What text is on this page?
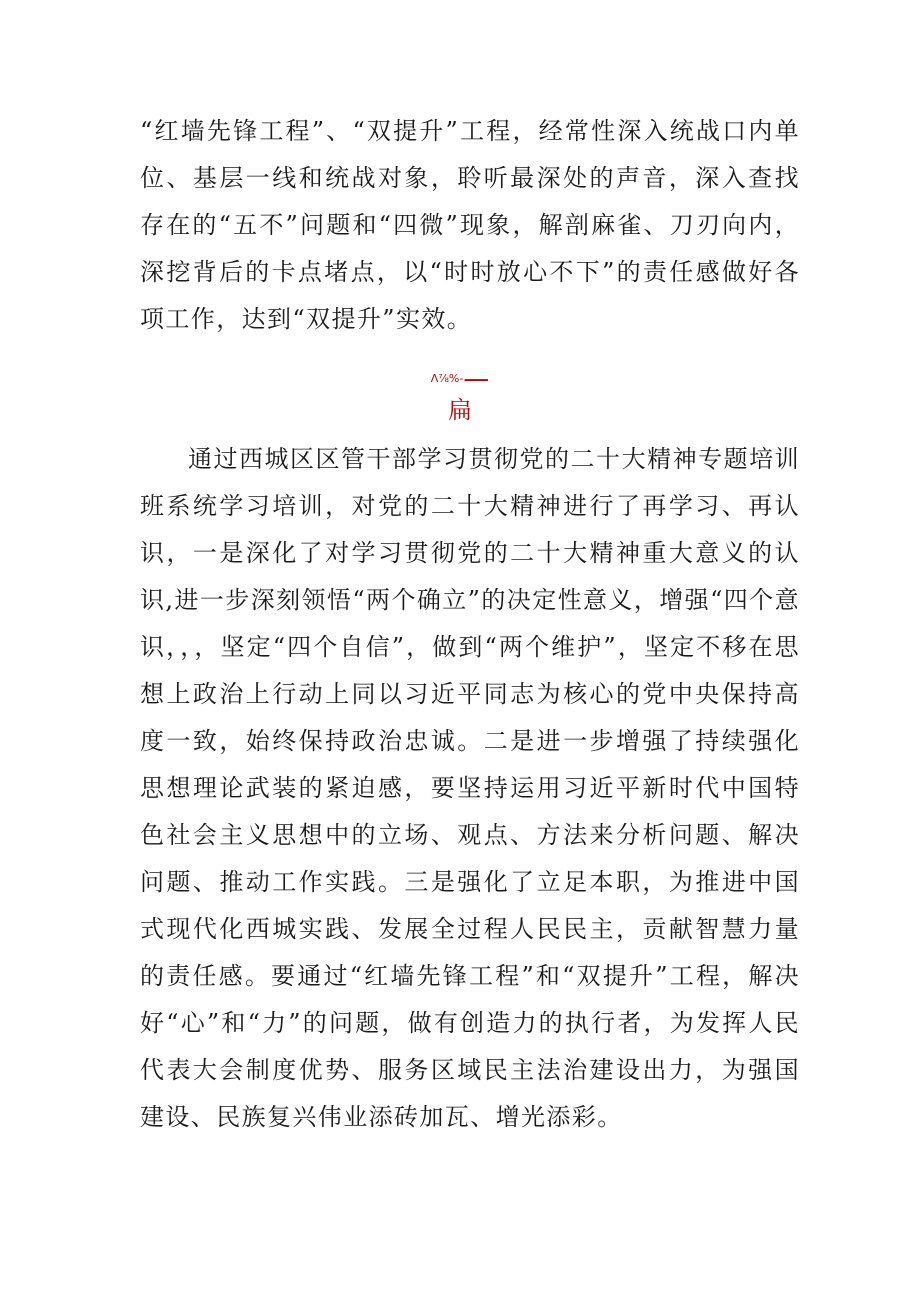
“红墙先锋工程”、“双提升”工程，经常性深入统战口内单位、基层一线和统战对象，聆听最深处的声音，深入查找存在的“五不”问题和“四微”现象，解剖麻雀、刀刃向内，深挖背后的卡点堵点，以“时时放心不下”的责任感做好各项工作，达到“双提升”实效。

Λ⅞%-—
扁

通过西城区区管干部学习贯彻党的二十大精神专题培训班系统学习培训，对党的二十大精神进行了再学习、再认识，一是深化了对学习贯彻党的二十大精神重大意义的认识,进一步深刻领悟“两个确立”的决定性意义，增强“四个意识，，，坚定“四个自信”，做到“两个维护”，坚定不移在思想上政治上行动上同以习近平同志为核心的党中央保持高度一致，始终保持政治忠诚。二是进一步增强了持续强化思想理论武装的紧迫感，要坚持运用习近平新时代中国特色社会主义思想中的立场、观点、方法来分析问题、解决问题、推动工作实践。三是强化了立足本职，为推进中国式现代化西城实践、发展全过程人民民主，贡献智慧力量的责任感。要通过“红墙先锋工程”和“双提升”工程，解决好“心”和“力”的问题，做有创造力的执行者，为发挥人民代表大会制度优势、服务区域民主法治建设出力，为强国建设、民族复兴伟业添砖加瓦、增光添彩。
